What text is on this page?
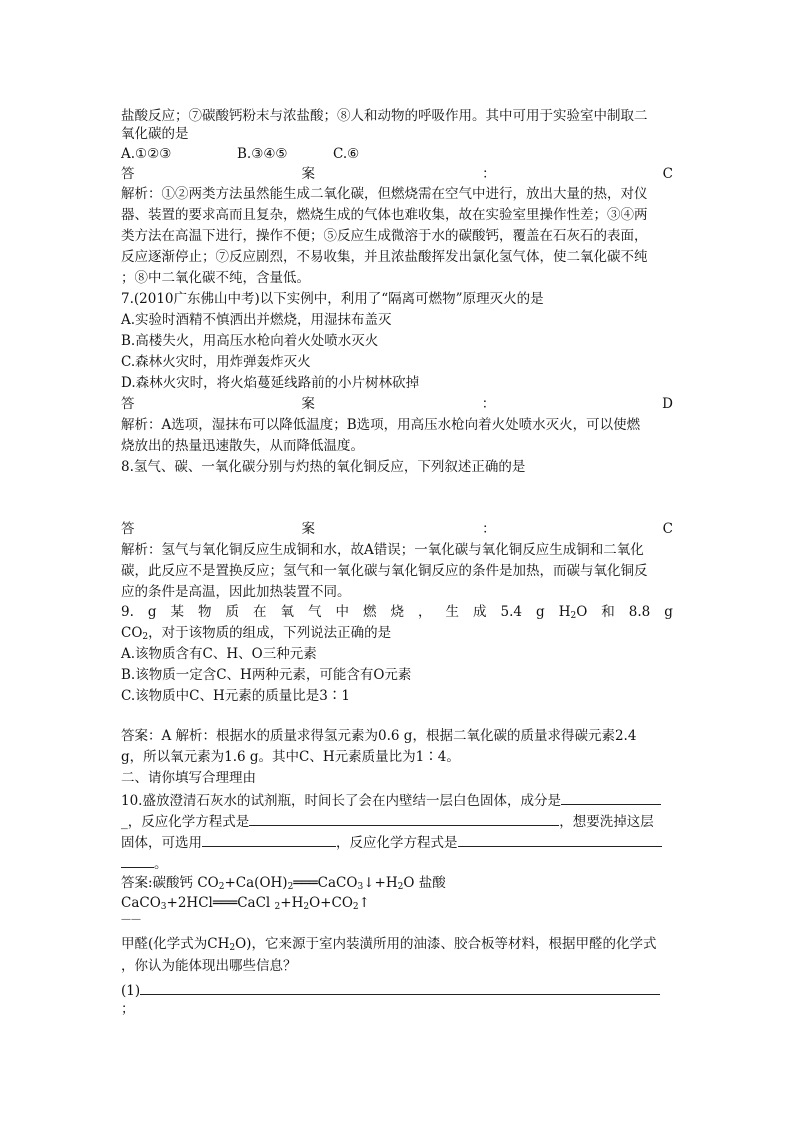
盐酸反应；⑦碳酸钙粉末与浓盐酸；⑧人和动物的呼吸作用。其中可用于实验室中制取二
氧化碳的是
A.①②③	B.③④⑤	C.⑥
答	案	：	C
解析：①②两类方法虽然能生成二氧化碳，但燃烧需在空气中进行，放出大量的热，对仪
器、装置的要求高而且复杂，燃烧生成的气体也难收集，故在实验室里操作性差；③④两
类方法在高温下进行，操作不便；⑤反应生成微溶于水的碳酸钙，覆盖在石灰石的表面，
反应逐渐停止；⑦反应剧烈，不易收集，并且浓盐酸挥发出氯化氢气体，使二氧化碳不纯
；⑧中二氧化碳不纯，含量低。
7.(2010广东佛山中考)以下实例中，利用了“隔离可燃物”原理灭火的是
A.实验时酒精不慎洒出并燃烧，用湿抹布盖灭
B.高楼失火，用高压水枪向着火处喷水灭火
C.森林火灾时，用炸弹轰炸灭火
D.森林火灾时，将火焰蔓延线路前的小片树林砍掉
答	案	：	D
解析：A选项，湿抹布可以降低温度；B选项，用高压水枪向着火处喷水灭火，可以使燃
烧放出的热量迅速散失，从而降低温度。
8.氢气、碳、一氧化碳分别与灼热的氧化铜反应，下列叙述正确的是
答	案	：	C
解析：氢气与氧化铜反应生成铜和水，故A错误；一氧化碳与氧化铜反应生成铜和二氧化
碳，此反应不是置换反应；氢气和一氧化碳与氧化铜反应的条件是加热，而碳与氧化铜反
应的条件是高温，因此加热装置不同。
9. g 某 物 质 在 氧 气 中 燃 烧 ， 生 成 5.4 g $H_2O$ 和 8.8 g
$CO_2$，对于该物质的组成，下列说法正确的是
A.该物质含有C、H、O三种元素
B.该物质一定含C、H两种元素，可能含有O元素
C.该物质中C、H元素的质量比是3∶1
答案：A 解析：根据水的质量求得氢元素为0.6 g，根据二氧化碳的质量求得碳元素2.4
g，所以氧元素为1.6 g。其中C、H元素质量比为1∶4。
二、请你填写合理理由
10.盛放澄清石灰水的试剂瓶，时间长了会在内壁结一层白色固体，成分是
_，反应化学方程式是	，想要洗掉这层
固体，可选用	，反应化学方程式是
。
答案:碳酸钙 $CO_2+Ca(OH)_2═══CaCO_3↓+H_2O$ 盐酸
CaCO$_3$+2HCl═══CaCl $_2+H_2O+CO_2↑$
——
甲醛(化学式为$CH_2O$)，它来源于室内装潢所用的油漆、胶合板等材料，根据甲醛的化学式
，你认为能体现出哪些信息？
(1)
；
